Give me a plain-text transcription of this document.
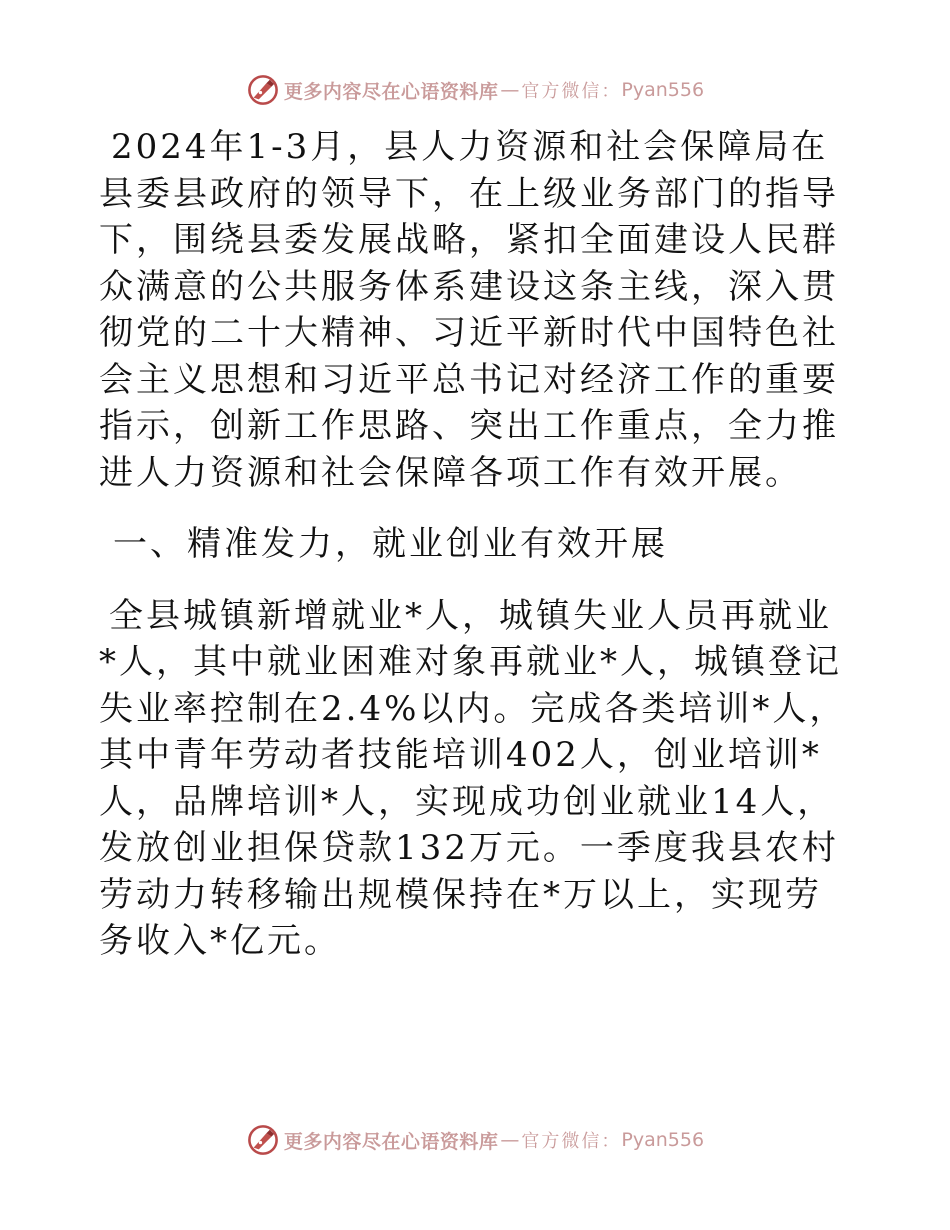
更多内容尽在心语资料库 — 官方微信： Pyan556

2024年1-3月，县人力资源和社会保障局在县委县政府的领导下，在上级业务部门的指导下，围绕县委发展战略，紧扣全面建设人民群众满意的公共服务体系建设这条主线，深入贯彻党的二十大精神、习近平新时代中国特色社会主义思想和习近平总书记对经济工作的重要指示，创新工作思路、突出工作重点，全力推进人力资源和社会保障各项工作有效开展。

一、精准发力，就业创业有效开展

全县城镇新增就业*人，城镇失业人员再就业*人，其中就业困难对象再就业*人，城镇登记失业率控制在2.4%以内。完成各类培训*人，其中青年劳动者技能培训402人，创业培训*人，品牌培训*人，实现成功创业就业14人，发放创业担保贷款132万元。一季度我县农村劳动力转移输出规模保持在*万以上，实现劳务收入*亿元。

更多内容尽在心语资料库 — 官方微信： Pyan556
